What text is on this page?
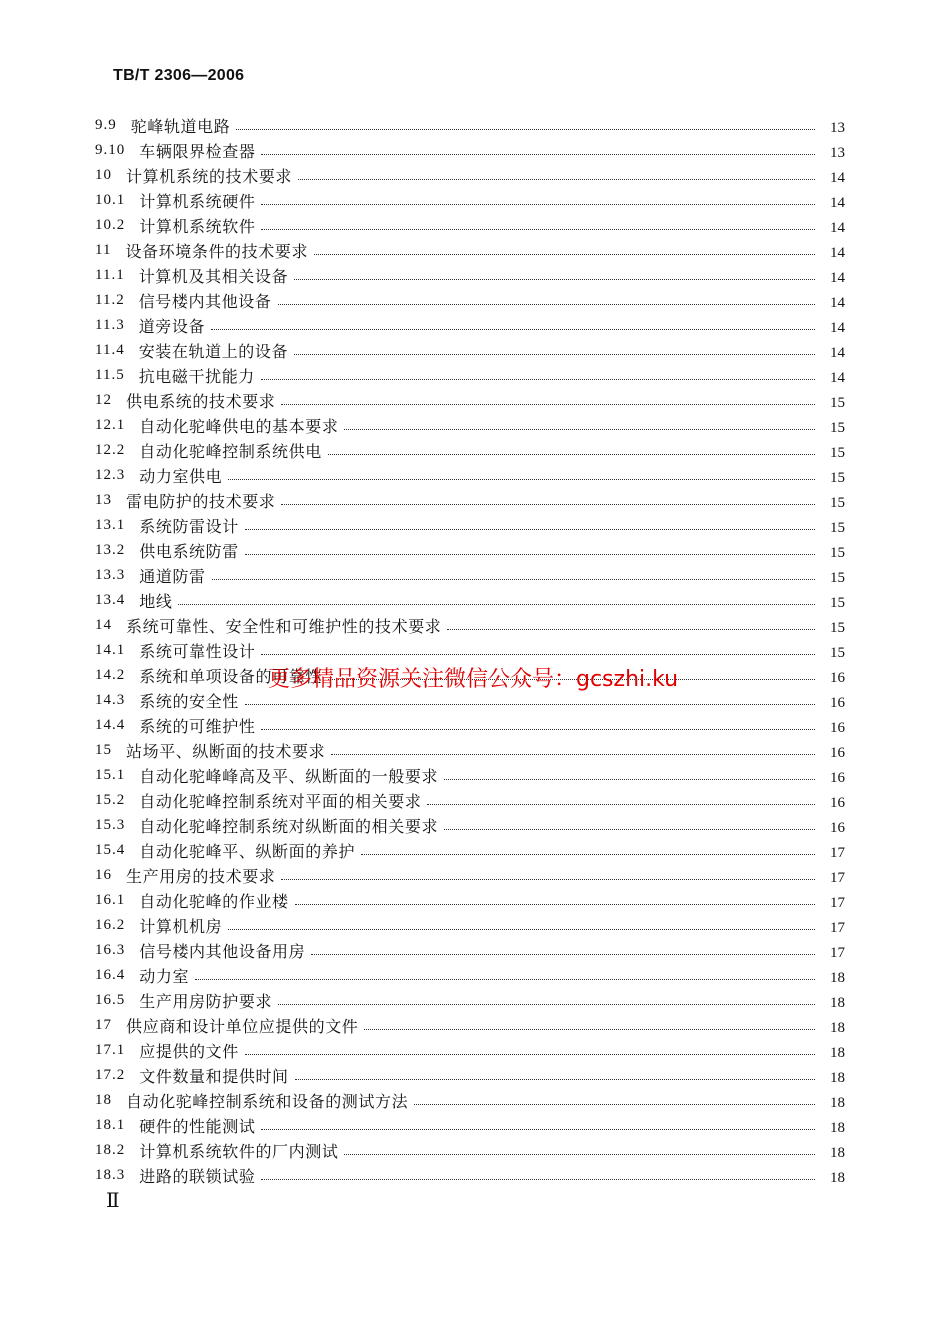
TB/T 2306—2006
9.9 驼峰轨道电路	13
9.10 车辆限界检查器	13
10 计算机系统的技术要求	14
10.1 计算机系统硬件	14
10.2 计算机系统软件	14
11 设备环境条件的技术要求	14
11.1 计算机及其相关设备	14
11.2 信号楼内其他设备	14
11.3 道旁设备	14
11.4 安装在轨道上的设备	14
11.5 抗电磁干扰能力	14
12 供电系统的技术要求	15
12.1 自动化驼峰供电的基本要求	15
12.2 自动化驼峰控制系统供电	15
12.3 动力室供电	15
13 雷电防护的技术要求	15
13.1 系统防雷设计	15
13.2 供电系统防雷	15
13.3 通道防雷	15
13.4 地线	15
14 系统可靠性、安全性和可维护性的技术要求	15
14.1 系统可靠性设计	15
14.2 系统和单项设备的可靠性	16
14.3 系统的安全性	16
14.4 系统的可维护性	16
15 站场平、纵断面的技术要求	16
15.1 自动化驼峰峰高及平、纵断面的一般要求	16
15.2 自动化驼峰控制系统对平面的相关要求	16
15.3 自动化驼峰控制系统对纵断面的相关要求	16
15.4 自动化驼峰平、纵断面的养护	17
16 生产用房的技术要求	17
16.1 自动化驼峰的作业楼	17
16.2 计算机机房	17
16.3 信号楼内其他设备用房	17
16.4 动力室	18
16.5 生产用房防护要求	18
17 供应商和设计单位应提供的文件	18
17.1 应提供的文件	18
17.2 文件数量和提供时间	18
18 自动化驼峰控制系统和设备的测试方法	18
18.1 硬件的性能测试	18
18.2 计算机系统软件的厂内测试	18
18.3 进路的联锁试验	18
更多精品资源关注微信公众号：gcszhi.ku
Ⅱ
